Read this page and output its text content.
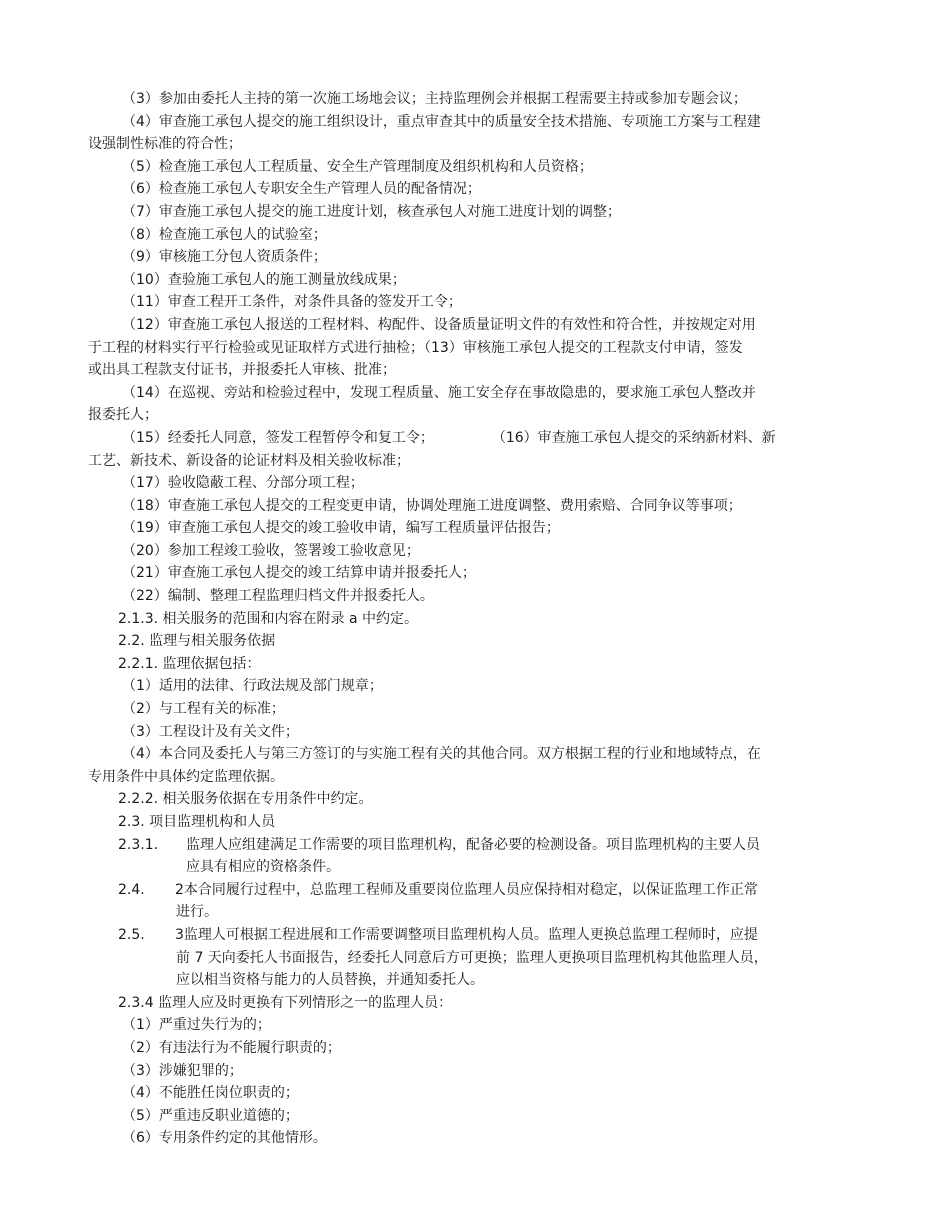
（3）参加由委托人主持的第一次施工场地会议；主持监理例会并根据工程需要主持或参加专题会议；
（4）审查施工承包人提交的施工组织设计，重点审查其中的质量安全技术措施、专项施工方案与工程建
设强制性标准的符合性；
（5）检查施工承包人工程质量、安全生产管理制度及组织机构和人员资格；
（6）检查施工承包人专职安全生产管理人员的配备情况；
（7）审查施工承包人提交的施工进度计划，核查承包人对施工进度计划的调整；
（8）检查施工承包人的试验室；
（9）审核施工分包人资质条件；
（10）查验施工承包人的施工测量放线成果；
（11）审查工程开工条件，对条件具备的签发开工令；
（12）审查施工承包人报送的工程材料、构配件、设备质量证明文件的有效性和符合性，并按规定对用
于工程的材料实行平行检验或见证取样方式进行抽检；（13）审核施工承包人提交的工程款支付申请，签发
或出具工程款支付证书，并报委托人审核、批准；
（14）在巡视、旁站和检验过程中，发现工程质量、施工安全存在事故隐患的，要求施工承包人整改并
报委托人；
（15）经委托人同意，签发工程暂停令和复工令；	（16）审查施工承包人提交的采纳新材料、新
工艺、新技术、新设备的论证材料及相关验收标准；
（17）验收隐蔽工程、分部分项工程；
（18）审查施工承包人提交的工程变更申请，协调处理施工进度调整、费用索赔、合同争议等事项；
（19）审查施工承包人提交的竣工验收申请，编写工程质量评估报告；
（20）参加工程竣工验收，签署竣工验收意见；
（21）审查施工承包人提交的竣工结算申请并报委托人；
（22）编制、整理工程监理归档文件并报委托人。
2.1.3. 相关服务的范围和内容在附录 a 中约定。
2.2. 监理与相关服务依据
2.2.1. 监理依据包括：
（1）适用的法律、行政法规及部门规章；
（2）与工程有关的标准；
（3）工程设计及有关文件；
（4）本合同及委托人与第三方签订的与实施工程有关的其他合同。双方根据工程的行业和地域特点，在
专用条件中具体约定监理依据。
2.2.2. 相关服务依据在专用条件中约定。
2.3. 项目监理机构和人员
2.3.1. 监理人应组建满足工作需要的项目监理机构，配备必要的检测设备。项目监理机构的主要人员
应具有相应的资格条件。
2.4. 2本合同履行过程中，总监理工程师及重要岗位监理人员应保持相对稳定，以保证监理工作正常
进行。
2.5. 3监理人可根据工程进展和工作需要调整项目监理机构人员。监理人更换总监理工程师时，应提
前 7 天向委托人书面报告，经委托人同意后方可更换；监理人更换项目监理机构其他监理人员，
应以相当资格与能力的人员替换，并通知委托人。
2.3.4 监理人应及时更换有下列情形之一的监理人员：
（1）严重过失行为的；
（2）有违法行为不能履行职责的；
（3）涉嫌犯罪的；
（4）不能胜任岗位职责的；
（5）严重违反职业道德的；
（6）专用条件约定的其他情形。
